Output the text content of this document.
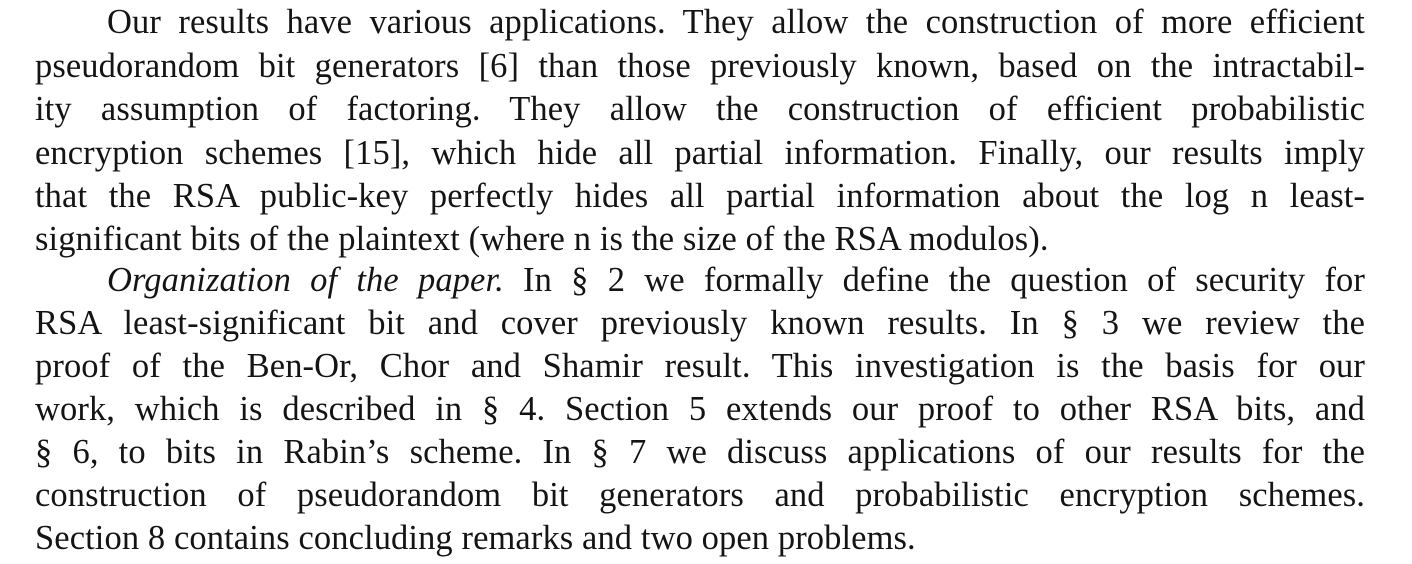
Our results have various applications. They allow the construction of more efficient
pseudorandom bit generators [6] than those previously known, based on the intractabil-
ity assumption of factoring. They allow the construction of efficient probabilistic
encryption schemes [15], which hide all partial information. Finally, our results imply
that the RSA public-key perfectly hides all partial information about the log n least-
significant bits of the plaintext (where n is the size of the RSA modulos).
Organization of the paper. In § 2 we formally define the question of security for
RSA least-significant bit and cover previously known results. In § 3 we review the
proof of the Ben-Or, Chor and Shamir result. This investigation is the basis for our
work, which is described in § 4. Section 5 extends our proof to other RSA bits, and
§ 6, to bits in Rabin’s scheme. In § 7 we discuss applications of our results for the
construction of pseudorandom bit generators and probabilistic encryption schemes.
Section 8 contains concluding remarks and two open problems.
